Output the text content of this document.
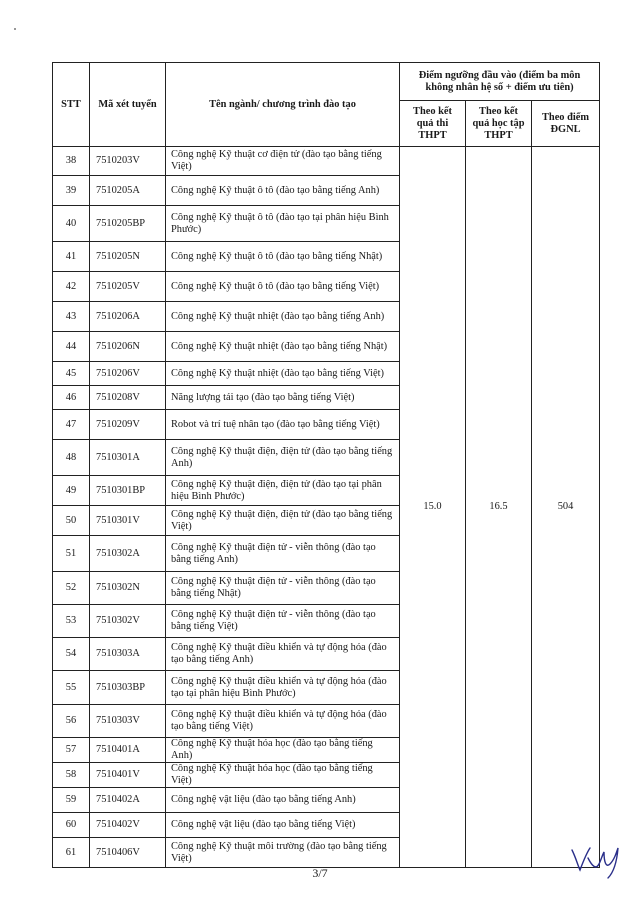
STT	Mã xét tuyển	Tên ngành/ chương trình đào tạo	Điểm ngưỡng đầu vào (điểm ba môn không nhân hệ số + điểm ưu tiên)		
			Theo kết quả thi THPT	Theo kết quả học tập THPT	Theo điểm ĐGNL
38	7510203V	Công nghệ Kỹ thuật cơ điện tử (đào tạo bằng tiếng Việt)	15.0	16.5	504
39	7510205A	Công nghệ Kỹ thuật ô tô (đào tạo bằng tiếng Anh)			
40	7510205BP	Công nghệ Kỹ thuật ô tô (đào tạo tại phân hiệu Bình Phước)			
41	7510205N	Công nghệ Kỹ thuật ô tô (đào tạo bằng tiếng Nhật)			
42	7510205V	Công nghệ Kỹ thuật ô tô (đào tạo bằng tiếng Việt)			
43	7510206A	Công nghệ Kỹ thuật nhiệt (đào tạo bằng tiếng Anh)			
44	7510206N	Công nghệ Kỹ thuật nhiệt (đào tạo bằng tiếng Nhật)			
45	7510206V	Công nghệ Kỹ thuật nhiệt (đào tạo bằng tiếng Việt)			
46	7510208V	Năng lượng tái tạo (đào tạo bằng tiếng Việt)			
47	7510209V	Robot và trí tuệ nhân tạo (đào tạo bằng tiếng Việt)			
48	7510301A	Công nghệ Kỹ thuật điện, điện tử (đào tạo bằng tiếng Anh)			
49	7510301BP	Công nghệ Kỹ thuật điện, điện tử (đào tạo tại phân hiệu Bình Phước)			
50	7510301V	Công nghệ Kỹ thuật điện, điện tử (đào tạo bằng tiếng Việt)			
51	7510302A	Công nghệ Kỹ thuật điện tử - viễn thông (đào tạo bằng tiếng Anh)			
52	7510302N	Công nghệ Kỹ thuật điện tử - viễn thông (đào tạo bằng tiếng Nhật)			
53	7510302V	Công nghệ Kỹ thuật điện tử - viễn thông (đào tạo bằng tiếng Việt)			
54	7510303A	Công nghệ Kỹ thuật điều khiển và tự động hóa (đào tạo bằng tiếng Anh)			
55	7510303BP	Công nghệ Kỹ thuật điều khiển và tự động hóa (đào tạo tại phân hiệu Bình Phước)			
56	7510303V	Công nghệ Kỹ thuật điều khiển và tự động hóa (đào tạo bằng tiếng Việt)			
57	7510401A	Công nghệ Kỹ thuật hóa học (đào tạo bằng tiếng Anh)			
58	7510401V	Công nghệ Kỹ thuật hóa học (đào tạo bằng tiếng Việt)			
59	7510402A	Công nghệ vật liệu (đào tạo bằng tiếng Anh)			
60	7510402V	Công nghệ vật liệu (đào tạo bằng tiếng Việt)			
61	7510406V	Công nghệ Kỹ thuật môi trường (đào tạo bằng tiếng Việt)			
3/7
